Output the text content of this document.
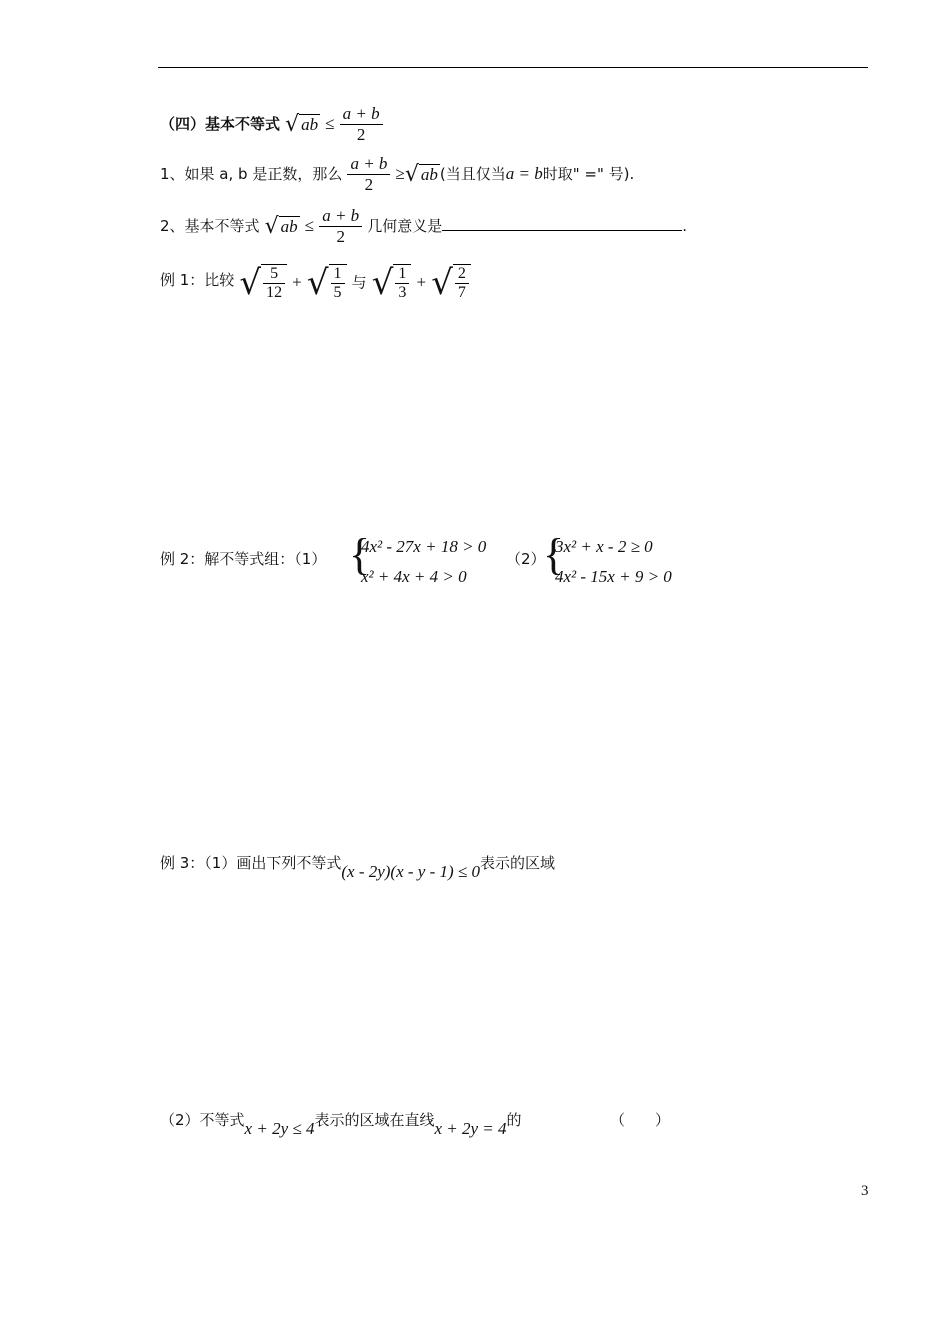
（四）基本不等式 √ ab ≤ $\frac{a + b}{2}$
1、如果 a, b 是正数，那么 $\frac{a + b}{2}$ ≥√ ab (当且仅当a = b时取" =" 号).
2、基本不等式 √ ab ≤ $\frac{a + b}{2}$ 几何意义是	.
例 1：比较 √ $\frac{5}{12}$ + √ $\frac{1}{5}$ 与 √ $\frac{1}{3}$ + √ $\frac{2}{7}$
例 2：解不等式组：（1） {
4x² - 27x + 18 > 0
x² + 4x + 4 > 0
（2）
{
3x² + x - 2 ≥ 0
4x² - 15x + 9 > 0
例 3：（1）画出下列不等式(x - 2y)(x - y - 1) ≤ 0表示的区域
（2）不等式x + 2y ≤ 4表示的区域在直线x + 2y = 4的	（　　）
3
